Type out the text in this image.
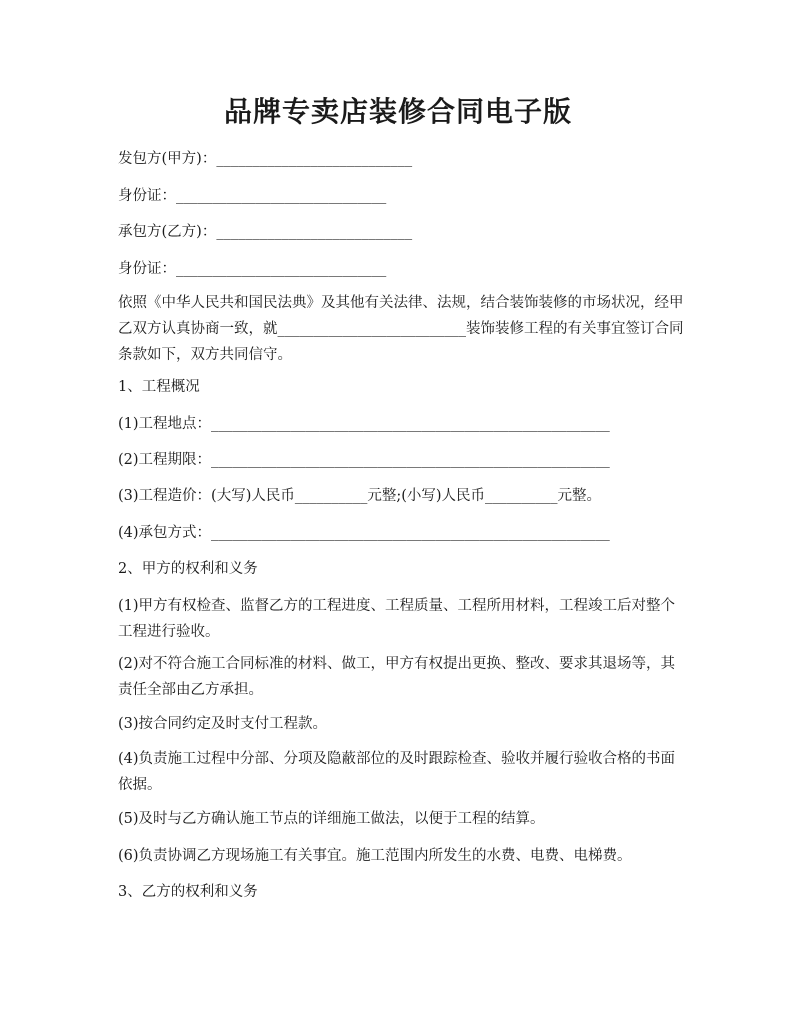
品牌专卖店装修合同电子版

发包方(甲方)：___________________________

身份证：_____________________________

承包方(乙方)：___________________________

身份证：_____________________________

依照《中华人民共和国民法典》及其他有关法律、法规，结合装饰装修的市场状况，经甲乙双方认真协商一致，就__________________________装饰装修工程的有关事宜签订合同条款如下，双方共同信守。

1、工程概况

(1)工程地点：_______________________________________________________

(2)工程期限：_______________________________________________________

(3)工程造价：(大写)人民币__________元整;(小写)人民币__________元整。

(4)承包方式：_______________________________________________________

2、甲方的权利和义务

(1)甲方有权检查、监督乙方的工程进度、工程质量、工程所用材料，工程竣工后对整个工程进行验收。

(2)对不符合施工合同标准的材料、做工，甲方有权提出更换、整改、要求其退场等，其责任全部由乙方承担。

(3)按合同约定及时支付工程款。

(4)负责施工过程中分部、分项及隐蔽部位的及时跟踪检查、验收并履行验收合格的书面依据。

(5)及时与乙方确认施工节点的详细施工做法，以便于工程的结算。

(6)负责协调乙方现场施工有关事宜。施工范围内所发生的水费、电费、电梯费。

3、乙方的权利和义务
